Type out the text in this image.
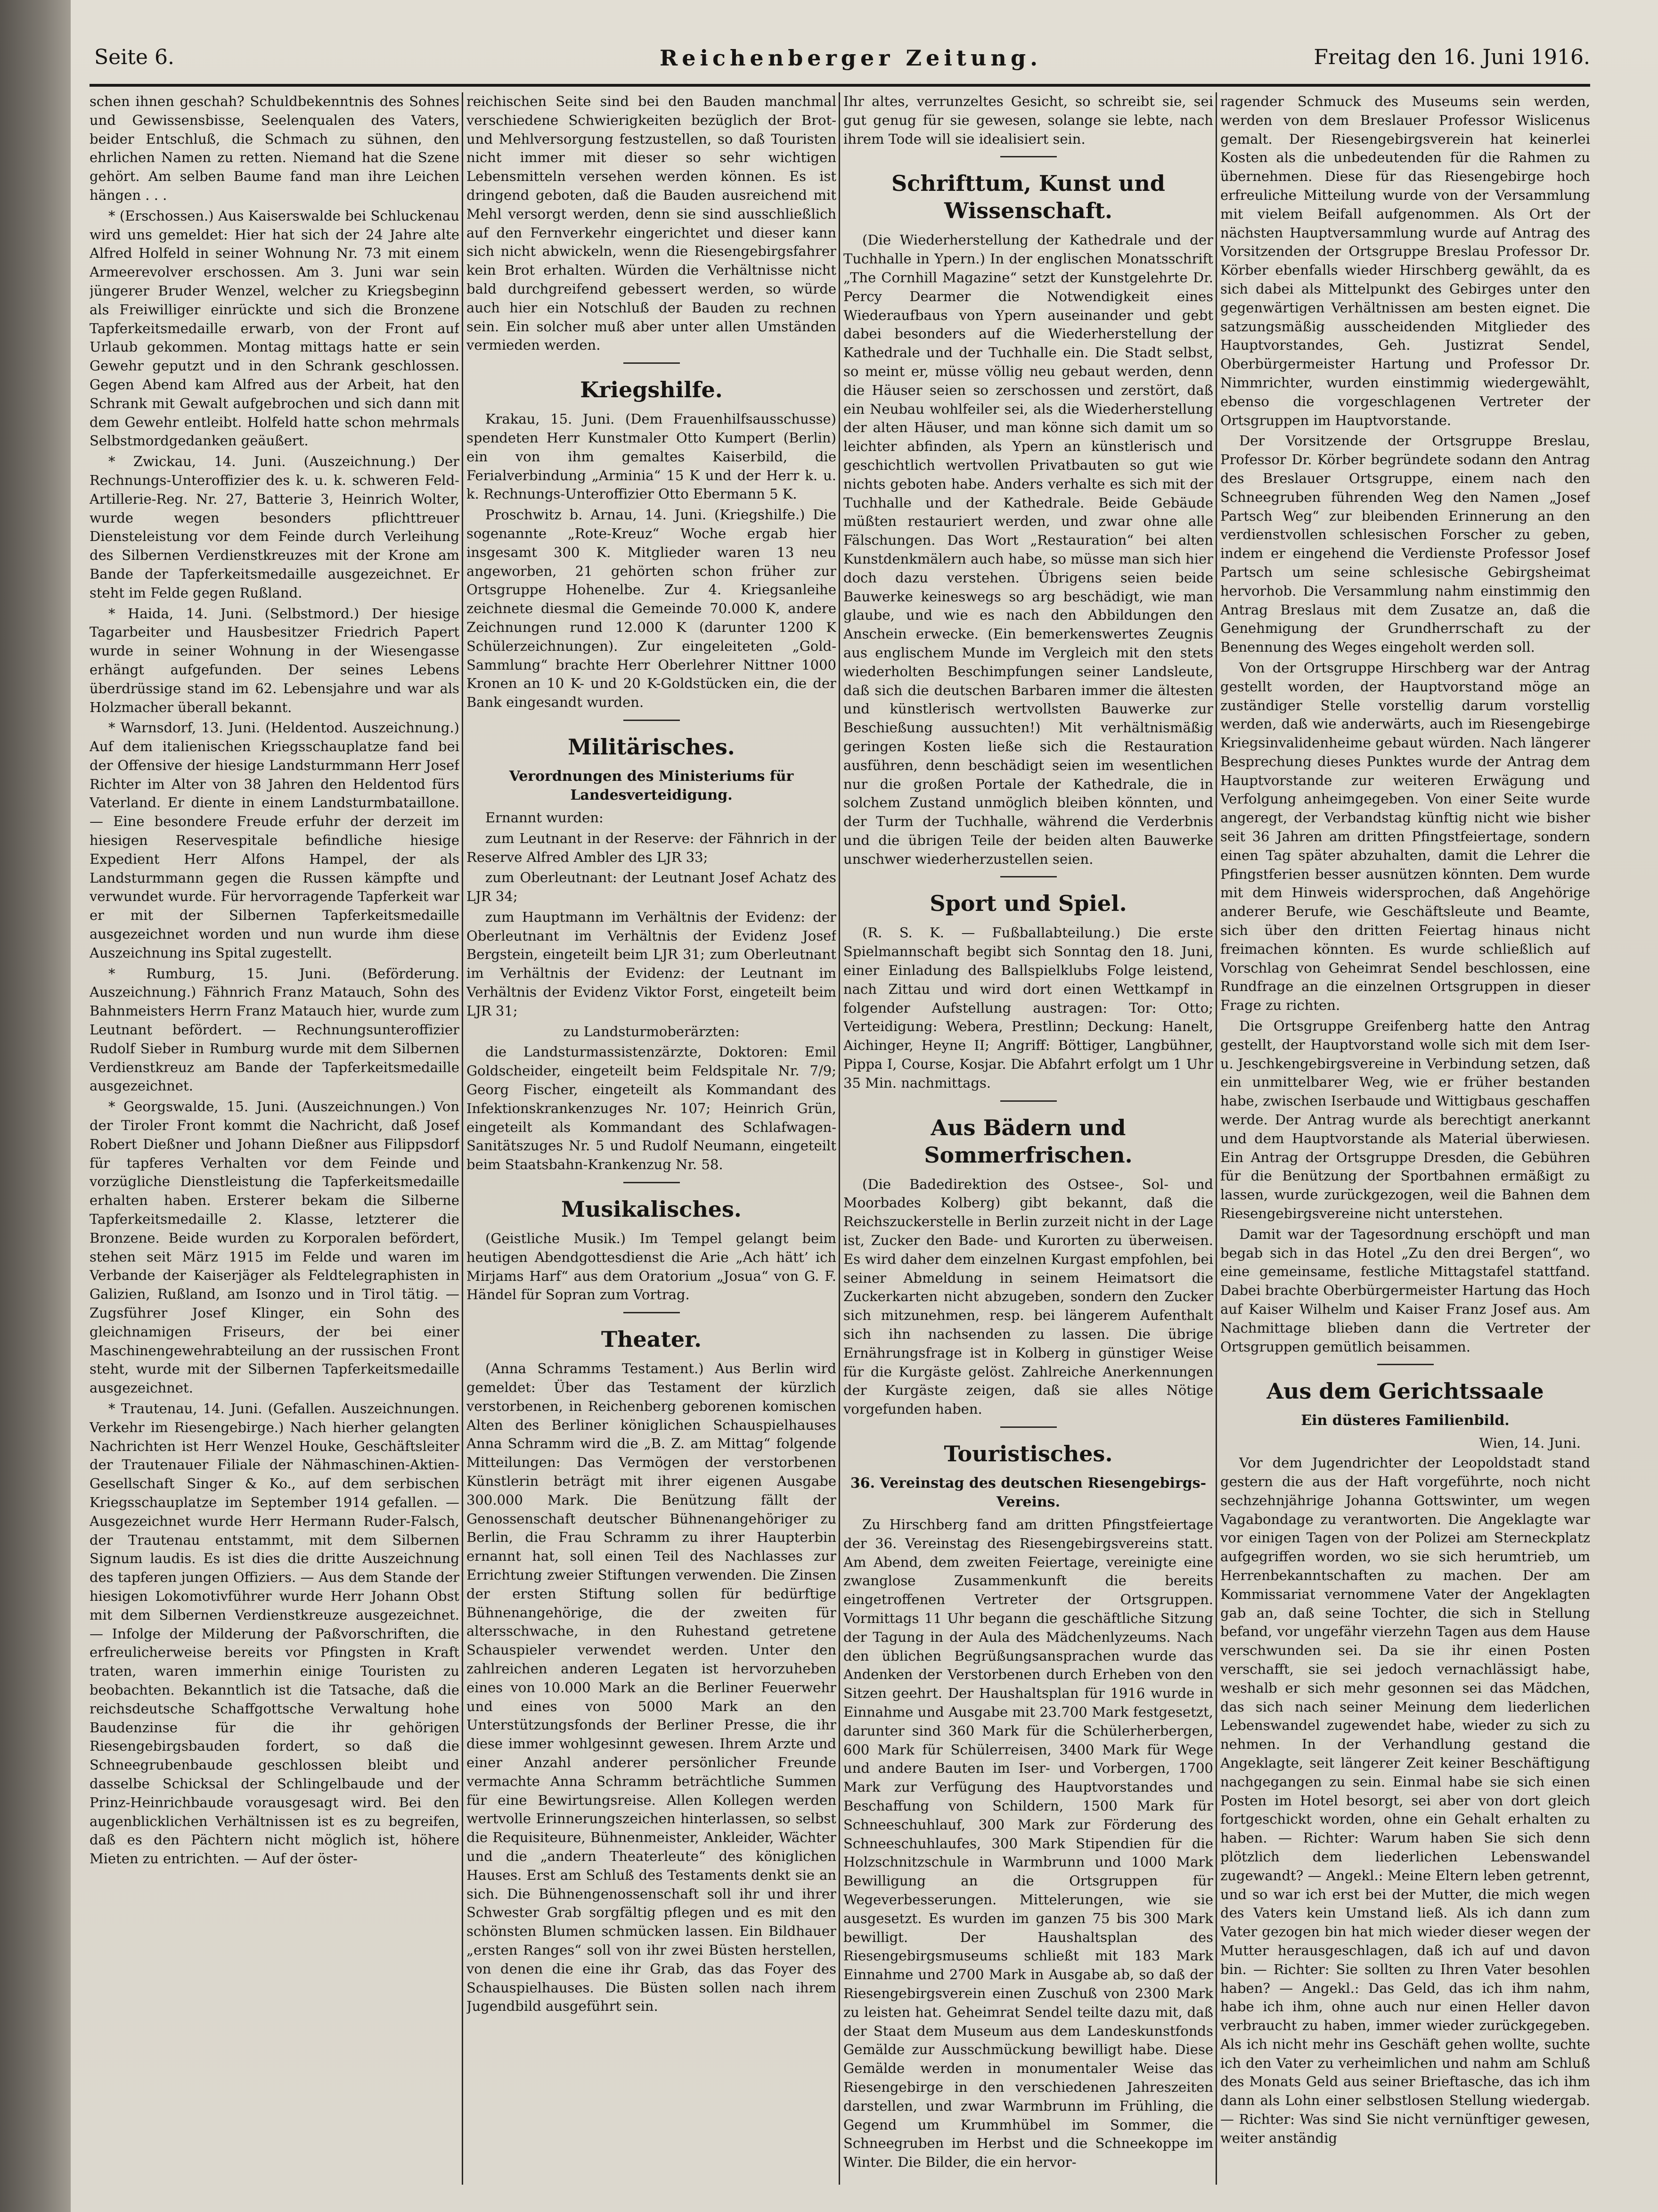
Seite 6.	Reichenberger Zeitung.	Freitag den 16. Juni 1916.

schen ihnen geschah? Schuldbekenntnis des Sohnes und Gewissensbisse, Seelenqualen des Vaters, beider Entschluß, die Schmach zu sühnen, den ehrlichen Namen zu retten. Niemand hat die Szene gehört. Am selben Baume fand man ihre Leichen hängen . . .

* (Erschossen.) Aus Kaiserswalde bei Schluckenau wird uns gemeldet: Hier hat sich der 24 Jahre alte Alfred Holfeld in seiner Wohnung Nr. 73 mit einem Armeerevolver erschossen. Am 3. Juni war sein jüngerer Bruder Wenzel, welcher zu Kriegsbeginn als Freiwilliger einrückte und sich die Bronzene Tapferkeitsmedaille erwarb, von der Front auf Urlaub gekommen. Montag mittags hatte er sein Gewehr geputzt und in den Schrank geschlossen. Gegen Abend kam Alfred aus der Arbeit, hat den Schrank mit Gewalt aufgebrochen und sich dann mit dem Gewehr entleibt. Holfeld hatte schon mehrmals Selbstmordgedanken geäußert.

* Zwickau, 14. Juni. (Auszeichnung.) Der Rechnungs-Unteroffizier des k. u. k. schweren Feld-Artillerie-Reg. Nr. 27, Batterie 3, Heinrich Wolter, wurde wegen besonders pflichttreuer Diensteleistung vor dem Feinde durch Verleihung des Silbernen Verdienstkreuzes mit der Krone am Bande der Tapferkeitsmedaille ausgezeichnet. Er steht im Felde gegen Rußland.

* Haida, 14. Juni. (Selbstmord.) Der hiesige Tagarbeiter und Hausbesitzer Friedrich Papert wurde in seiner Wohnung in der Wiesengasse erhängt aufgefunden. Der seines Lebens überdrüssige stand im 62. Lebensjahre und war als Holzmacher überall bekannt.

* Warnsdorf, 13. Juni. (Heldentod. Auszeichnung.) Auf dem italienischen Kriegsschauplatze fand bei der Offensive der hiesige Landsturmmann Herr Josef Richter im Alter von 38 Jahren den Heldentod fürs Vaterland. Er diente in einem Landsturmbataillone. — Eine besondere Freude erfuhr der derzeit im hiesigen Reservespitale befindliche hiesige Expedient Herr Alfons Hampel, der als Landsturmmann gegen die Russen kämpfte und verwundet wurde. Für hervorragende Tapferkeit war er mit der Silbernen Tapferkeitsmedaille ausgezeichnet worden und nun wurde ihm diese Auszeichnung ins Spital zugestellt.

* Rumburg, 15. Juni. (Beförderung. Auszeichnung.) Fähnrich Franz Matauch, Sohn des Bahnmeisters Herrn Franz Matauch hier, wurde zum Leutnant befördert. — Rechnungsunteroffizier Rudolf Sieber in Rumburg wurde mit dem Silbernen Verdienstkreuz am Bande der Tapferkeitsmedaille ausgezeichnet.

* Georgswalde, 15. Juni. (Auszeichnungen.) Von der Tiroler Front kommt die Nachricht, daß Josef Robert Dießner und Johann Dießner aus Filippsdorf für tapferes Verhalten vor dem Feinde und vorzügliche Dienstleistung die Tapferkeitsmedaille erhalten haben. Ersterer bekam die Silberne Tapferkeitsmedaille 2. Klasse, letzterer die Bronzene. Beide wurden zu Korporalen befördert, stehen seit März 1915 im Felde und waren im Verbande der Kaiserjäger als Feldtelegraphisten in Galizien, Rußland, am Isonzo und in Tirol tätig. — Zugsführer Josef Klinger, ein Sohn des gleichnamigen Friseurs, der bei einer Maschinengewehrabteilung an der russischen Front steht, wurde mit der Silbernen Tapferkeitsmedaille ausgezeichnet.

* Trautenau, 14. Juni. (Gefallen. Auszeichnungen. Verkehr im Riesengebirge.) Nach hierher gelangten Nachrichten ist Herr Wenzel Houke, Geschäftsleiter der Trautenauer Filiale der Nähmaschinen-Aktien-Gesellschaft Singer & Ko., auf dem serbischen Kriegsschauplatze im September 1914 gefallen. — Ausgezeichnet wurde Herr Hermann Ruder-Falsch, der Trautenau entstammt, mit dem Silbernen Signum laudis. Es ist dies die dritte Auszeichnung des tapferen jungen Offiziers. — Aus dem Stande der hiesigen Lokomotivführer wurde Herr Johann Obst mit dem Silbernen Verdienstkreuze ausgezeichnet. — Infolge der Milderung der Paßvorschriften, die erfreulicherweise bereits vor Pfingsten in Kraft traten, waren immerhin einige Touristen zu beobachten. Bekanntlich ist die Tatsache, daß die reichsdeutsche Schaffgottsche Verwaltung hohe Baudenzinse für die ihr gehörigen Riesengebirgsbauden fordert, so daß die Schneegrubenbaude geschlossen bleibt und dasselbe Schicksal der Schlingelbaude und der Prinz-Heinrichbaude vorausgesagt wird. Bei den augenblicklichen Verhältnissen ist es zu begreifen, daß es den Pächtern nicht möglich ist, höhere Mieten zu entrichten. — Auf der öster-

reichischen Seite sind bei den Bauden manchmal verschiedene Schwierigkeiten bezüglich der Brot- und Mehlversorgung festzustellen, so daß Touristen nicht immer mit dieser so sehr wichtigen Lebensmitteln versehen werden können. Es ist dringend geboten, daß die Bauden ausreichend mit Mehl versorgt werden, denn sie sind ausschließlich auf den Fernverkehr eingerichtet und dieser kann sich nicht abwickeln, wenn die Riesengebirgsfahrer kein Brot erhalten. Würden die Verhältnisse nicht bald durchgreifend gebessert werden, so würde auch hier ein Notschluß der Bauden zu rechnen sein. Ein solcher muß aber unter allen Umständen vermieden werden.

Kriegshilfe.

Krakau, 15. Juni. (Dem Frauenhilfsausschusse) spendeten Herr Kunstmaler Otto Kumpert (Berlin) ein von ihm gemaltes Kaiserbild, die Ferialverbindung „Arminia“ 15 K und der Herr k. u. k. Rechnungs-Unteroffizier Otto Ebermann 5 K.

Proschwitz b. Arnau, 14. Juni. (Kriegshilfe.) Die sogenannte „Rote-Kreuz“ Woche ergab hier insgesamt 300 K. Mitglieder waren 13 neu angeworben, 21 gehörten schon früher zur Ortsgruppe Hohenelbe. Zur 4. Kriegsanleihe zeichnete diesmal die Gemeinde 70.000 K, andere Zeichnungen rund 12.000 K (darunter 1200 K Schülerzeichnungen). Zur eingeleiteten „Gold-Sammlung“ brachte Herr Oberlehrer Nittner 1000 Kronen an 10 K- und 20 K-Goldstücken ein, die der Bank eingesandt wurden.

Militärisches.
Verordnungen des Ministeriums für Landesverteidigung.

Ernannt wurden:

zum Leutnant in der Reserve: der Fähnrich in der Reserve Alfred Ambler des LJR 33;

zum Oberleutnant: der Leutnant Josef Achatz des LJR 34;

zum Hauptmann im Verhältnis der Evidenz: der Oberleutnant im Verhältnis der Evidenz Josef Bergstein, eingeteilt beim LJR 31; zum Oberleutnant im Verhältnis der Evidenz: der Leutnant im Verhältnis der Evidenz Viktor Forst, eingeteilt beim LJR 31;

zu Landsturmoberärzten:

die Landsturmassistenzärzte, Doktoren: Emil Goldscheider, eingeteilt beim Feldspitale Nr. 7/9; Georg Fischer, eingeteilt als Kommandant des Infektionskrankenzuges Nr. 107; Heinrich Grün, eingeteilt als Kommandant des Schlafwagen-Sanitätszuges Nr. 5 und Rudolf Neumann, eingeteilt beim Staatsbahn-Krankenzug Nr. 58.

Musikalisches.

(Geistliche Musik.) Im Tempel gelangt beim heutigen Abendgottesdienst die Arie „Ach hätt’ ich Mirjams Harf“ aus dem Oratorium „Josua“ von G. F. Händel für Sopran zum Vortrag.

Theater.

(Anna Schramms Testament.) Aus Berlin wird gemeldet: Über das Testament der kürzlich verstorbenen, in Reichenberg geborenen komischen Alten des Berliner königlichen Schauspielhauses Anna Schramm wird die „B. Z. am Mittag“ folgende Mitteilungen: Das Vermögen der verstorbenen Künstlerin beträgt mit ihrer eigenen Ausgabe 300.000 Mark. Die Benützung fällt der Genossenschaft deutscher Bühnenangehöriger zu Berlin, die Frau Schramm zu ihrer Haupterbin ernannt hat, soll einen Teil des Nachlasses zur Errichtung zweier Stiftungen verwenden. Die Zinsen der ersten Stiftung sollen für bedürftige Bühnenangehörige, die der zweiten für altersschwache, in den Ruhestand getretene Schauspieler verwendet werden. Unter den zahlreichen anderen Legaten ist hervorzuheben eines von 10.000 Mark an die Berliner Feuerwehr und eines von 5000 Mark an den Unterstützungsfonds der Berliner Presse, die ihr diese immer wohlgesinnt gewesen. Ihrem Arzte und einer Anzahl anderer persönlicher Freunde vermachte Anna Schramm beträchtliche Summen für eine Bewirtungsreise. Allen Kollegen werden wertvolle Erinnerungszeichen hinterlassen, so selbst die Requisiteure, Bühnenmeister, Ankleider, Wächter und die „andern Theaterleute“ des königlichen Hauses. Erst am Schluß des Testaments denkt sie an sich. Die Bühnengenossenschaft soll ihr und ihrer Schwester Grab sorgfältig pflegen und es mit den schönsten Blumen schmücken lassen. Ein Bildhauer „ersten Ranges“ soll von ihr zwei Büsten herstellen, von denen die eine ihr Grab, das das Foyer des Schauspielhauses. Die Büsten sollen nach ihrem Jugendbild ausgeführt sein.

Ihr altes, verrunzeltes Gesicht, so schreibt sie, sei gut genug für sie gewesen, solange sie lebte, nach ihrem Tode will sie idealisiert sein.

Schrifttum, Kunst und Wissenschaft.

(Die Wiederherstellung der Kathedrale und der Tuchhalle in Ypern.) In der englischen Monatsschrift „The Cornhill Magazine“ setzt der Kunstgelehrte Dr. Percy Dearmer die Notwendigkeit eines Wiederaufbaus von Ypern auseinander und gebt dabei besonders auf die Wiederherstellung der Kathedrale und der Tuchhalle ein. Die Stadt selbst, so meint er, müsse völlig neu gebaut werden, denn die Häuser seien so zerschossen und zerstört, daß ein Neubau wohlfeiler sei, als die Wiederherstellung der alten Häuser, und man könne sich damit um so leichter abfinden, als Ypern an künstlerisch und geschichtlich wertvollen Privatbauten so gut wie nichts geboten habe. Anders verhalte es sich mit der Tuchhalle und der Kathedrale. Beide Gebäude müßten restauriert werden, und zwar ohne alle Fälschungen. Das Wort „Restauration“ bei alten Kunstdenkmälern auch habe, so müsse man sich hier doch dazu verstehen. Übrigens seien beide Bauwerke keineswegs so arg beschädigt, wie man glaube, und wie es nach den Abbildungen den Anschein erwecke. (Ein bemerkenswertes Zeugnis aus englischem Munde im Vergleich mit den stets wiederholten Beschimpfungen seiner Landsleute, daß sich die deutschen Barbaren immer die ältesten und künstlerisch wertvollsten Bauwerke zur Beschießung aussuchten!) Mit verhältnismäßig geringen Kosten ließe sich die Restauration ausführen, denn beschädigt seien im wesentlichen nur die großen Portale der Kathedrale, die in solchem Zustand unmöglich bleiben könnten, und der Turm der Tuchhalle, während die Verderbnis und die übrigen Teile der beiden alten Bauwerke unschwer wiederherzustellen seien.

Sport und Spiel.

(R. S. K. — Fußballabteilung.) Die erste Spielmannschaft begibt sich Sonntag den 18. Juni, einer Einladung des Ballspielklubs Folge leistend, nach Zittau und wird dort einen Wettkampf in folgender Aufstellung austragen: Tor: Otto; Verteidigung: Webera, Prestlinn; Deckung: Hanelt, Aichinger, Heyne II; Angriff: Böttiger, Langbühner, Pippa I, Course, Kosjar. Die Abfahrt erfolgt um 1 Uhr 35 Min. nachmittags.

Aus Bädern und Sommerfrischen.

(Die Badedirektion des Ostsee-, Sol- und Moorbades Kolberg) gibt bekannt, daß die Reichszuckerstelle in Berlin zurzeit nicht in der Lage ist, Zucker den Bade- und Kurorten zu überweisen. Es wird daher dem einzelnen Kurgast empfohlen, bei seiner Abmeldung in seinem Heimatsort die Zuckerkarten nicht abzugeben, sondern den Zucker sich mitzunehmen, resp. bei längerem Aufenthalt sich ihn nachsenden zu lassen. Die übrige Ernährungsfrage ist in Kolberg in günstiger Weise für die Kurgäste gelöst. Zahlreiche Anerkennungen der Kurgäste zeigen, daß sie alles Nötige vorgefunden haben.

Touristisches.
36. Vereinstag des deutschen Riesengebirgs-Vereins.

Zu Hirschberg fand am dritten Pfingstfeiertage der 36. Vereinstag des Riesengebirgsvereins statt. Am Abend, dem zweiten Feiertage, vereinigte eine zwanglose Zusammenkunft die bereits eingetroffenen Vertreter der Ortsgruppen. Vormittags 11 Uhr begann die geschäftliche Sitzung der Tagung in der Aula des Mädchenlyzeums. Nach den üblichen Begrüßungsansprachen wurde das Andenken der Verstorbenen durch Erheben von den Sitzen geehrt. Der Haushaltsplan für 1916 wurde in Einnahme und Ausgabe mit 23.700 Mark festgesetzt, darunter sind 360 Mark für die Schülerherbergen, 600 Mark für Schülerreisen, 3400 Mark für Wege und andere Bauten im Iser- und Vorbergen, 1700 Mark zur Verfügung des Hauptvorstandes und Beschaffung von Schildern, 1500 Mark für Schneeschuhlauf, 300 Mark zur Förderung des Schneeschuhlaufes, 300 Mark Stipendien für die Holzschnitzschule in Warmbrunn und 1000 Mark Bewilligung an die Ortsgruppen für Wegeverbesserungen. Mittelerungen, wie sie ausgesetzt. Es wurden im ganzen 75 bis 300 Mark bewilligt. Der Haushaltsplan des Riesengebirgsmuseums schließt mit 183 Mark Einnahme und 2700 Mark in Ausgabe ab, so daß der Riesengebirgsverein einen Zuschuß von 2300 Mark zu leisten hat. Geheimrat Sendel teilte dazu mit, daß der Staat dem Museum aus dem Landeskunstfonds Gemälde zur Ausschmückung bewilligt habe. Diese Gemälde werden in monumentaler Weise das Riesengebirge in den verschiedenen Jahreszeiten darstellen, und zwar Warmbrunn im Frühling, die Gegend um Krummhübel im Sommer, die Schneegruben im Herbst und die Schneekoppe im Winter. Die Bilder, die ein hervor-

ragender Schmuck des Museums sein werden, werden von dem Breslauer Professor Wislicenus gemalt. Der Riesengebirgsverein hat keinerlei Kosten als die unbedeutenden für die Rahmen zu übernehmen. Diese für das Riesengebirge hoch erfreuliche Mitteilung wurde von der Versammlung mit vielem Beifall aufgenommen. Als Ort der nächsten Hauptversammlung wurde auf Antrag des Vorsitzenden der Ortsgruppe Breslau Professor Dr. Körber ebenfalls wieder Hirschberg gewählt, da es sich dabei als Mittelpunkt des Gebirges unter den gegenwärtigen Verhältnissen am besten eignet. Die satzungsmäßig ausscheidenden Mitglieder des Hauptvorstandes, Geh. Justizrat Sendel, Oberbürgermeister Hartung und Professor Dr. Nimmrichter, wurden einstimmig wiedergewählt, ebenso die vorgeschlagenen Vertreter der Ortsgruppen im Hauptvorstande.

Der Vorsitzende der Ortsgruppe Breslau, Professor Dr. Körber begründete sodann den Antrag des Breslauer Ortsgruppe, einem nach den Schneegruben führenden Weg den Namen „Josef Partsch Weg“ zur bleibenden Erinnerung an den verdienstvollen schlesischen Forscher zu geben, indem er eingehend die Verdienste Professor Josef Partsch um seine schlesische Gebirgsheimat hervorhob. Die Versammlung nahm einstimmig den Antrag Breslaus mit dem Zusatze an, daß die Genehmigung der Grundherrschaft zu der Benennung des Weges eingeholt werden soll.

Von der Ortsgruppe Hirschberg war der Antrag gestellt worden, der Hauptvorstand möge an zuständiger Stelle vorstellig darum vorstellig werden, daß wie anderwärts, auch im Riesengebirge Kriegsinvalidenheime gebaut würden. Nach längerer Besprechung dieses Punktes wurde der Antrag dem Hauptvorstande zur weiteren Erwägung und Verfolgung anheimgegeben. Von einer Seite wurde angeregt, der Verbandstag künftig nicht wie bisher seit 36 Jahren am dritten Pfingstfeiertage, sondern einen Tag später abzuhalten, damit die Lehrer die Pfingstferien besser ausnützen könnten. Dem wurde mit dem Hinweis widersprochen, daß Angehörige anderer Berufe, wie Geschäftsleute und Beamte, sich über den dritten Feiertag hinaus nicht freimachen könnten. Es wurde schließlich auf Vorschlag von Geheimrat Sendel beschlossen, eine Rundfrage an die einzelnen Ortsgruppen in dieser Frage zu richten.

Die Ortsgruppe Greifenberg hatte den Antrag gestellt, der Hauptvorstand wolle sich mit dem Iser- u. Jeschkengebirgsvereine in Verbindung setzen, daß ein unmittelbarer Weg, wie er früher bestanden habe, zwischen Iserbaude und Wittigbaus geschaffen werde. Der Antrag wurde als berechtigt anerkannt und dem Hauptvorstande als Material überwiesen. Ein Antrag der Ortsgruppe Dresden, die Gebühren für die Benützung der Sportbahnen ermäßigt zu lassen, wurde zurückgezogen, weil die Bahnen dem Riesengebirgsvereine nicht unterstehen.

Damit war der Tagesordnung erschöpft und man begab sich in das Hotel „Zu den drei Bergen“, wo eine gemeinsame, festliche Mittagstafel stattfand. Dabei brachte Oberbürgermeister Hartung das Hoch auf Kaiser Wilhelm und Kaiser Franz Josef aus. Am Nachmittage blieben dann die Vertreter der Ortsgruppen gemütlich beisammen.

Aus dem Gerichtssaale
Ein düsteres Familienbild.

Wien, 14. Juni.

Vor dem Jugendrichter der Leopoldstadt stand gestern die aus der Haft vorgeführte, noch nicht sechzehnjährige Johanna Gottswinter, um wegen Vagabondage zu verantworten. Die Angeklagte war vor einigen Tagen von der Polizei am Sterneckplatz aufgegriffen worden, wo sie sich herumtrieb, um Herrenbekanntschaften zu machen. Der am Kommissariat vernommene Vater der Angeklagten gab an, daß seine Tochter, die sich in Stellung befand, vor ungefähr vierzehn Tagen aus dem Hause verschwunden sei. Da sie ihr einen Posten verschafft, sie sei jedoch vernachlässigt habe, weshalb er sich mehr gesonnen sei das Mädchen, das sich nach seiner Meinung dem liederlichen Lebenswandel zugewendet habe, wieder zu sich zu nehmen. In der Verhandlung gestand die Angeklagte, seit längerer Zeit keiner Beschäftigung nachgegangen zu sein. Einmal habe sie sich einen Posten im Hotel besorgt, sei aber von dort gleich fortgeschickt worden, ohne ein Gehalt erhalten zu haben. — Richter: Warum haben Sie sich denn plötzlich dem liederlichen Lebenswandel zugewandt? — Angekl.: Meine Eltern leben getrennt, und so war ich erst bei der Mutter, die mich wegen des Vaters kein Umstand ließ. Als ich dann zum Vater gezogen bin hat mich wieder dieser wegen der Mutter herausgeschlagen, daß ich auf und davon bin. — Richter: Sie sollten zu Ihren Vater besohlen haben? — Angekl.: Das Geld, das ich ihm nahm, habe ich ihm, ohne auch nur einen Heller davon verbraucht zu haben, immer wieder zurückgegeben. Als ich nicht mehr ins Geschäft gehen wollte, suchte ich den Vater zu verheimlichen und nahm am Schluß des Monats Geld aus seiner Brieftasche, das ich ihm dann als Lohn einer selbstlosen Stellung wiedergab. — Richter: Was sind Sie nicht vernünftiger gewesen, weiter anständig
